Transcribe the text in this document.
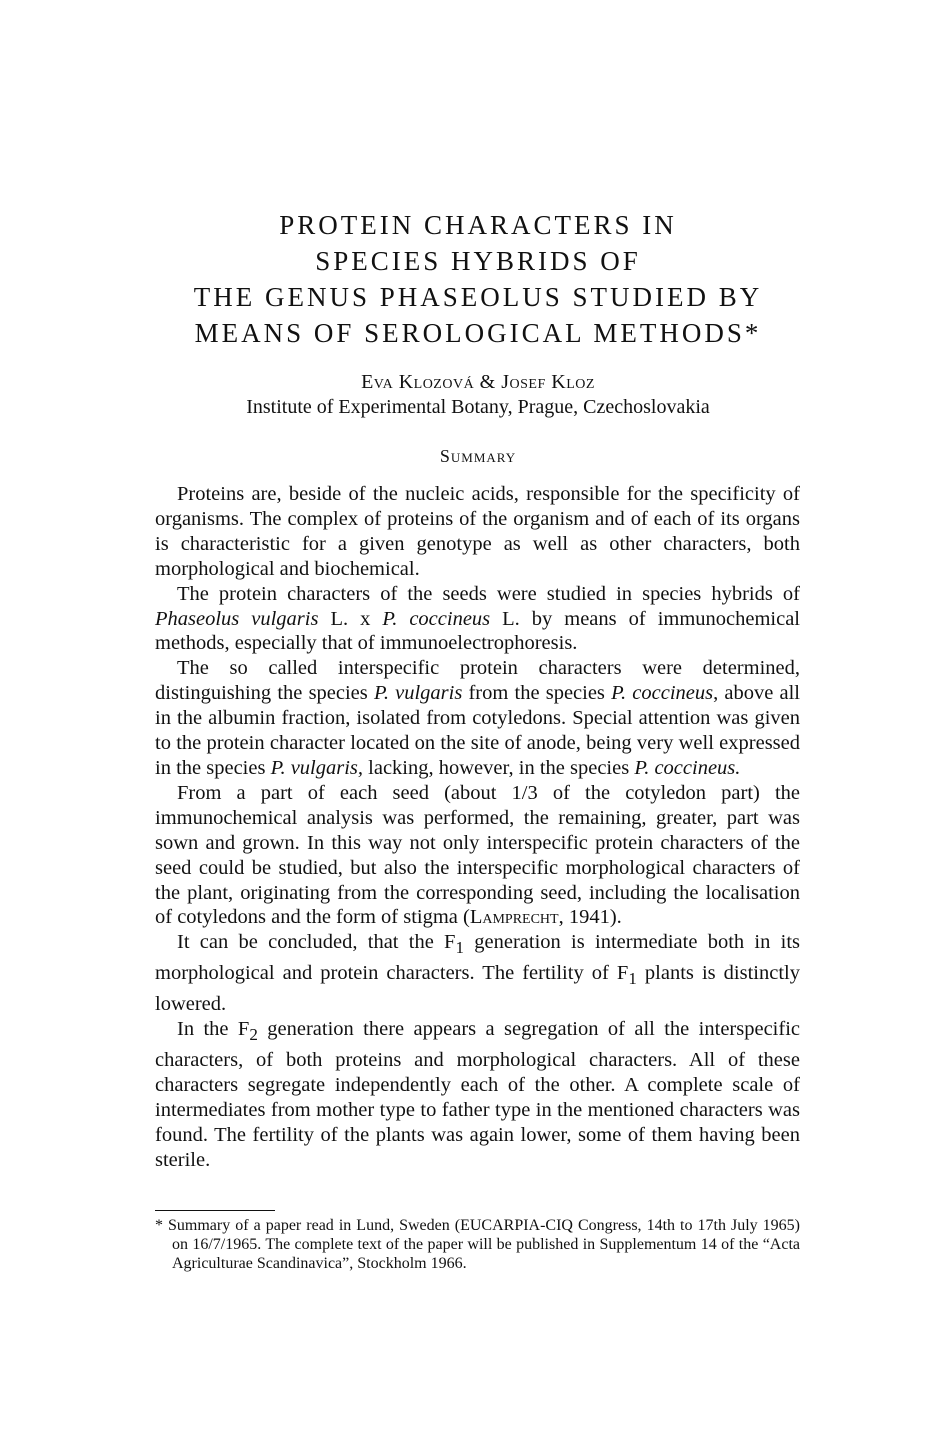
PROTEIN CHARACTERS IN
SPECIES HYBRIDS OF
THE GENUS PHASEOLUS STUDIED BY
MEANS OF SEROLOGICAL METHODS*
Eva Klozová & Josef Kloz
Institute of Experimental Botany, Prague, Czechoslovakia
Summary

Proteins are, beside of the nucleic acids, responsible for the specificity of organisms. The complex of proteins of the organism and of each of its organs is characteristic for a given genotype as well as other characters, both morphological and biochemical.

The protein characters of the seeds were studied in species hybrids of Phaseolus vulgaris L. x P. coccineus L. by means of immunochemical methods, especially that of immunoelectrophoresis.

The so called interspecific protein characters were determined, distinguishing the species P. vulgaris from the species P. coccineus, above all in the albumin fraction, isolated from cotyledons. Special attention was given to the protein character located on the site of anode, being very well expressed in the species P. vulgaris, lacking, however, in the species P. coccineus.

From a part of each seed (about 1/3 of the cotyledon part) the immunochemical analysis was performed, the remaining, greater, part was sown and grown. In this way not only interspecific protein characters of the seed could be studied, but also the interspecific morphological characters of the plant, originating from the corresponding seed, including the localisation of cotyledons and the form of stigma (Lamprecht, 1941).

It can be concluded, that the $F_1$ generation is intermediate both in its morphological and protein characters. The fertility of $F_1$ plants is distinctly lowered.

In the $F_2$ generation there appears a segregation of all the interspecific characters, of both proteins and morphological characters. All of these characters segregate independently each of the other. A complete scale of intermediates from mother type to father type in the mentioned characters was found. The fertility of the plants was again lower, some of them having been sterile.

* Summary of a paper read in Lund, Sweden (EUCARPIA-CIQ Congress, 14th to 17th July 1965) on 16/7/1965. The complete text of the paper will be published in Supplementum 14 of the “Acta Agriculturae Scandinavica”, Stockholm 1966.
